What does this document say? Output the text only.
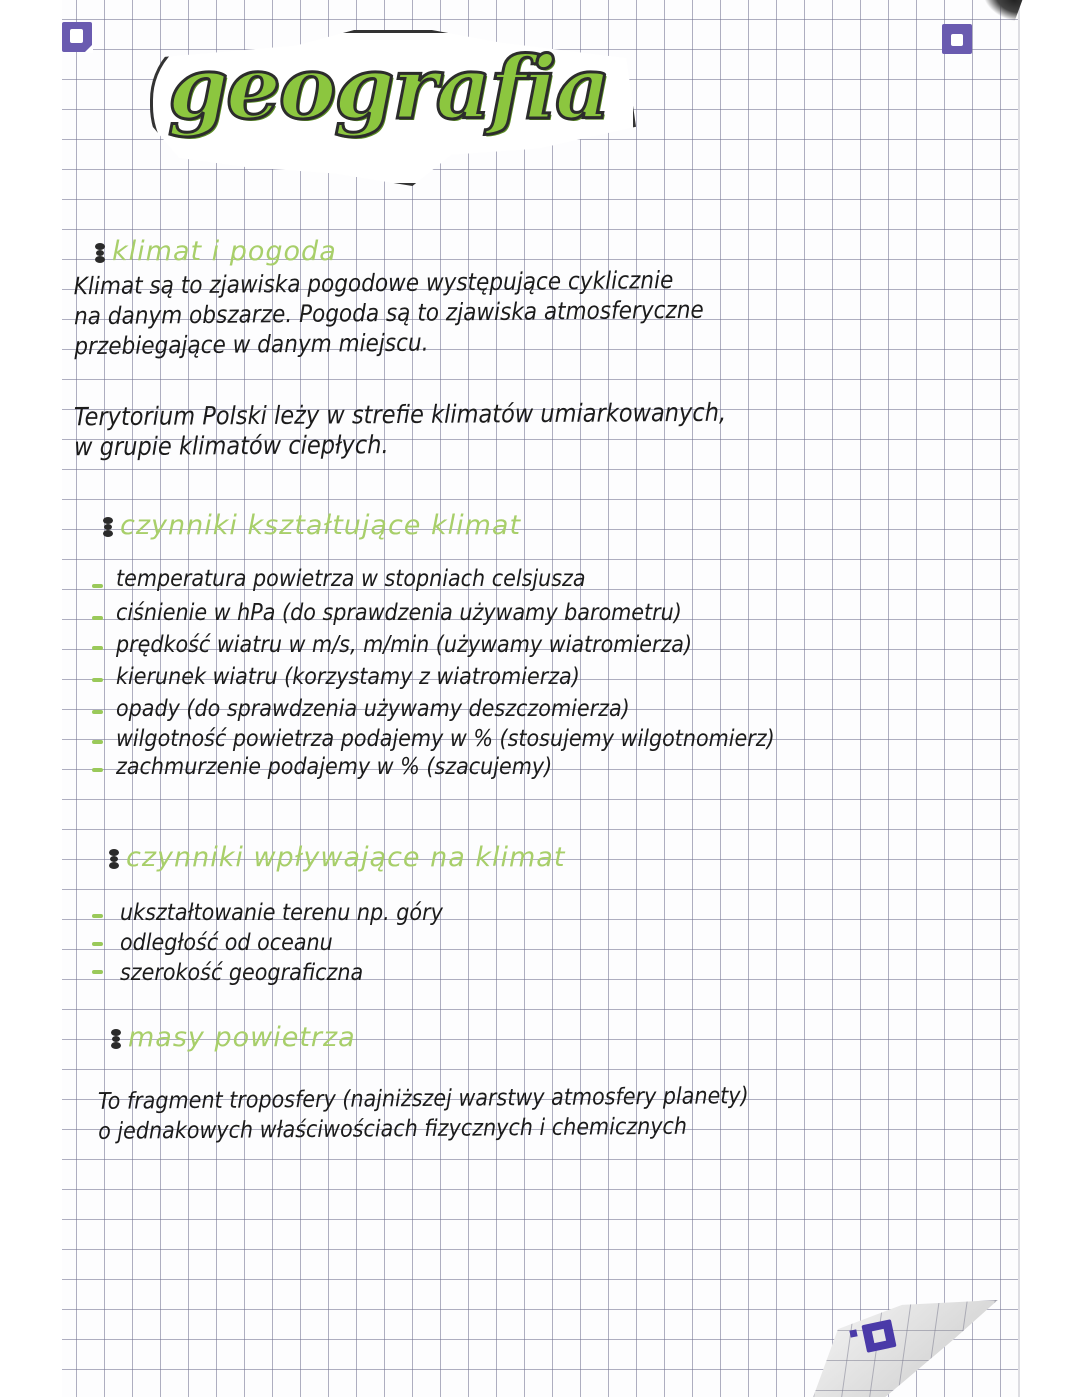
geografia
klimat i pogoda
Klimat są to zjawiska pogodowe występujące cyklicznie
na danym obszarze. Pogoda są to zjawiska atmosferyczne
przebiegające w danym miejscu.
Terytorium Polski leży w strefie klimatów umiarkowanych,
w grupie klimatów ciepłych.
czynniki kształtujące klimat
temperatura powietrza w stopniach celsjusza
ciśnienie w hPa (do sprawdzenia używamy barometru)
prędkość wiatru w m/s, m/min (używamy wiatromierza)
kierunek wiatru (korzystamy z wiatromierza)
opady (do sprawdzenia używamy deszczomierza)
wilgotność powietrza podajemy w % (stosujemy wilgotnomierz)
zachmurzenie podajemy w % (szacujemy)
czynniki wpływające na klimat
ukształtowanie terenu np. góry
odległość od oceanu
szerokość geograficzna
masy powietrza
To fragment troposfery (najniższej warstwy atmosfery planety)
o jednakowych właściwościach fizycznych i chemicznych
